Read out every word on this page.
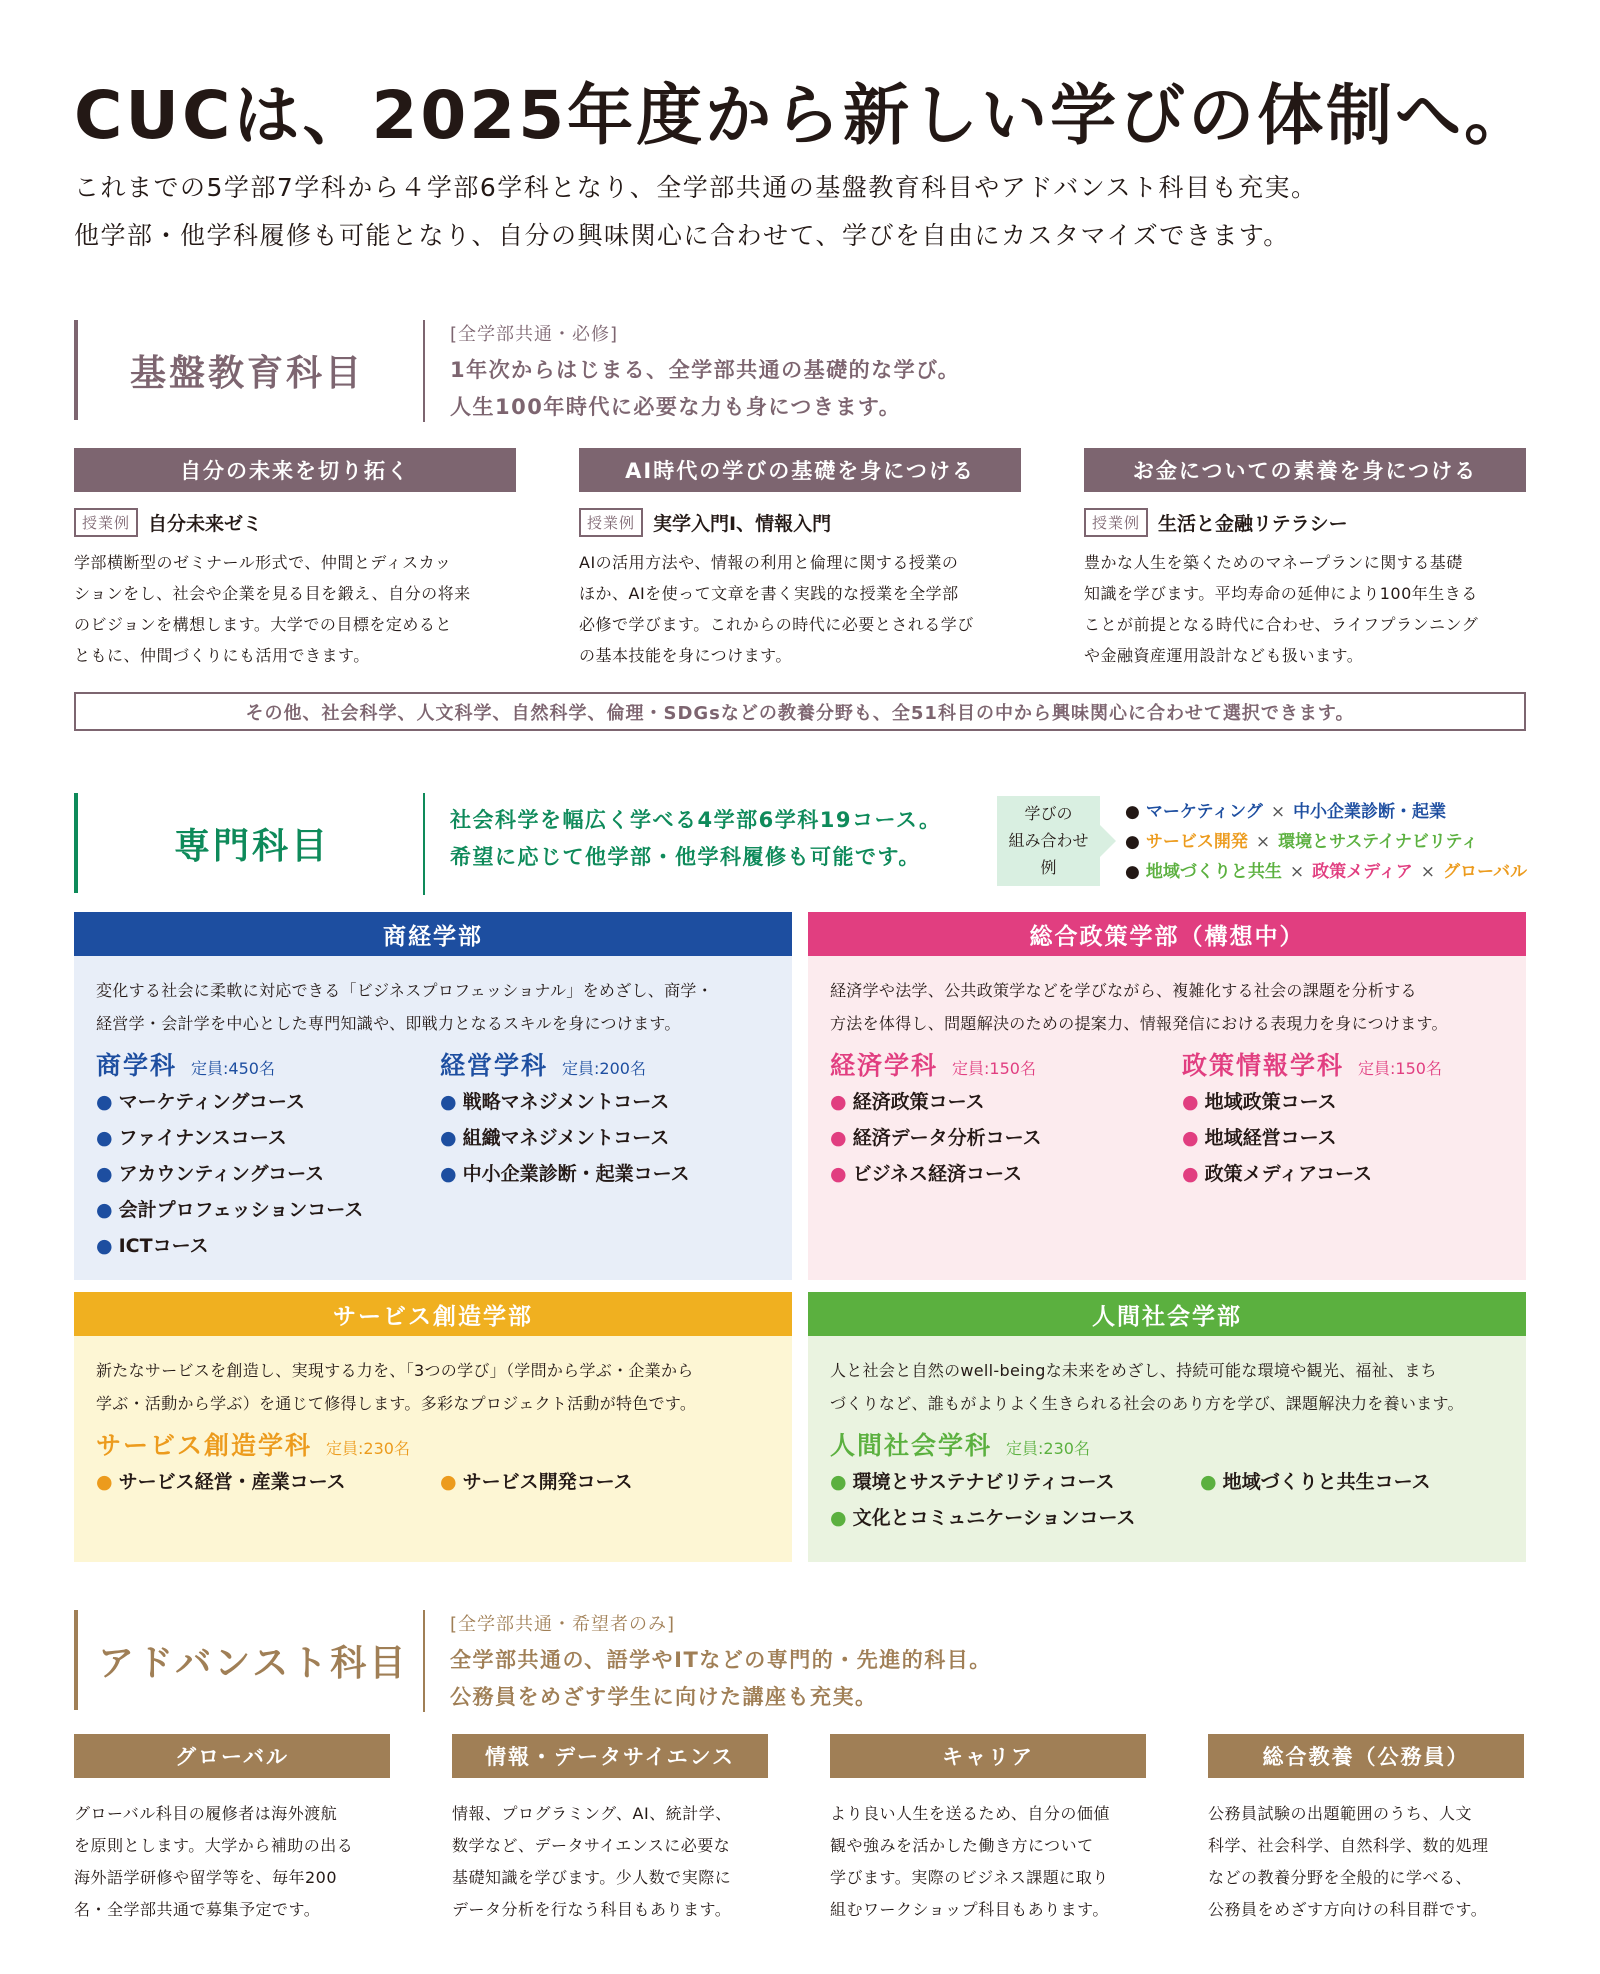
CUCは、2025年度から新しい学びの体制へ。
これまでの5学部7学科から４学部6学科となり、全学部共通の基盤教育科目やアドバンスト科目も充実。
他学部・他学科履修も可能となり、自分の興味関心に合わせて、学びを自由にカスタマイズできます。
基盤教育科目
[全学部共通・必修]
1年次からはじまる、全学部共通の基礎的な学び。
人生100年時代に必要な力も身につきます。
自分の未来を切り拓く
授業例 自分未来ゼミ
学部横断型のゼミナール形式で、仲間とディスカッ
ションをし、社会や企業を見る目を鍛え、自分の将来
のビジョンを構想します。大学での目標を定めると
ともに、仲間づくりにも活用できます。
AI時代の学びの基礎を身につける
授業例 実学入門I、情報入門
AIの活用方法や、情報の利用と倫理に関する授業の
ほか、AIを使って文章を書く実践的な授業を全学部
必修で学びます。これからの時代に必要とされる学び
の基本技能を身につけます。
お金についての素養を身につける
授業例 生活と金融リテラシー
豊かな人生を築くためのマネープランに関する基礎
知識を学びます。平均寿命の延伸により100年生きる
ことが前提となる時代に合わせ、ライフプランニング
や金融資産運用設計なども扱います。
その他、社会科学、人文科学、自然科学、倫理・SDGsなどの教養分野も、全51科目の中から興味関心に合わせて選択できます。
専門科目
社会科学を幅広く学べる4学部6学科19コース。
希望に応じて他学部・他学科履修も可能です。
学びの
組み合わせ
例
● マーケティング × 中小企業診断・起業
● サービス開発 × 環境とサステイナビリティ
● 地域づくりと共生 × 政策メディア × グローバル
商経学部
変化する社会に柔軟に対応できる「ビジネスプロフェッショナル」をめざし、商学・
経営学・会計学を中心とした専門知識や、即戦力となるスキルを身につけます。
商学科 定員:450名
● マーケティングコース
● ファイナンスコース
● アカウンティングコース
● 会計プロフェッションコース
● ICTコース
経営学科 定員:200名
● 戦略マネジメントコース
● 組織マネジメントコース
● 中小企業診断・起業コース
総合政策学部（構想中）
経済学や法学、公共政策学などを学びながら、複雑化する社会の課題を分析する
方法を体得し、問題解決のための提案力、情報発信における表現力を身につけます。
経済学科 定員:150名
● 経済政策コース
● 経済データ分析コース
● ビジネス経済コース
政策情報学科 定員:150名
● 地域政策コース
● 地域経営コース
● 政策メディアコース
サービス創造学部
新たなサービスを創造し、実現する力を、「3つの学び」（学問から学ぶ・企業から
学ぶ・活動から学ぶ）を通じて修得します。多彩なプロジェクト活動が特色です。
サービス創造学科 定員:230名
● サービス経営・産業コース	● サービス開発コース
人間社会学部
人と社会と自然のwell-beingな未来をめざし、持続可能な環境や観光、福祉、まち
づくりなど、誰もがよりよく生きられる社会のあり方を学び、課題解決力を養います。
人間社会学科 定員:230名
● 環境とサステナビリティコース	● 地域づくりと共生コース
● 文化とコミュニケーションコース
アドバンスト科目
[全学部共通・希望者のみ]
全学部共通の、語学やITなどの専門的・先進的科目。
公務員をめざす学生に向けた講座も充実。
グローバル
グローバル科目の履修者は海外渡航
を原則とします。大学から補助の出る
海外語学研修や留学等を、毎年200
名・全学部共通で募集予定です。
情報・データサイエンス
情報、プログラミング、AI、統計学、
数学など、データサイエンスに必要な
基礎知識を学びます。少人数で実際に
データ分析を行なう科目もあります。
キャリア
より良い人生を送るため、自分の価値
観や強みを活かした働き方について
学びます。実際のビジネス課題に取り
組むワークショップ科目もあります。
総合教養（公務員）
公務員試験の出題範囲のうち、人文
科学、社会科学、自然科学、数的処理
などの教養分野を全般的に学べる、
公務員をめざす方向けの科目群です。
